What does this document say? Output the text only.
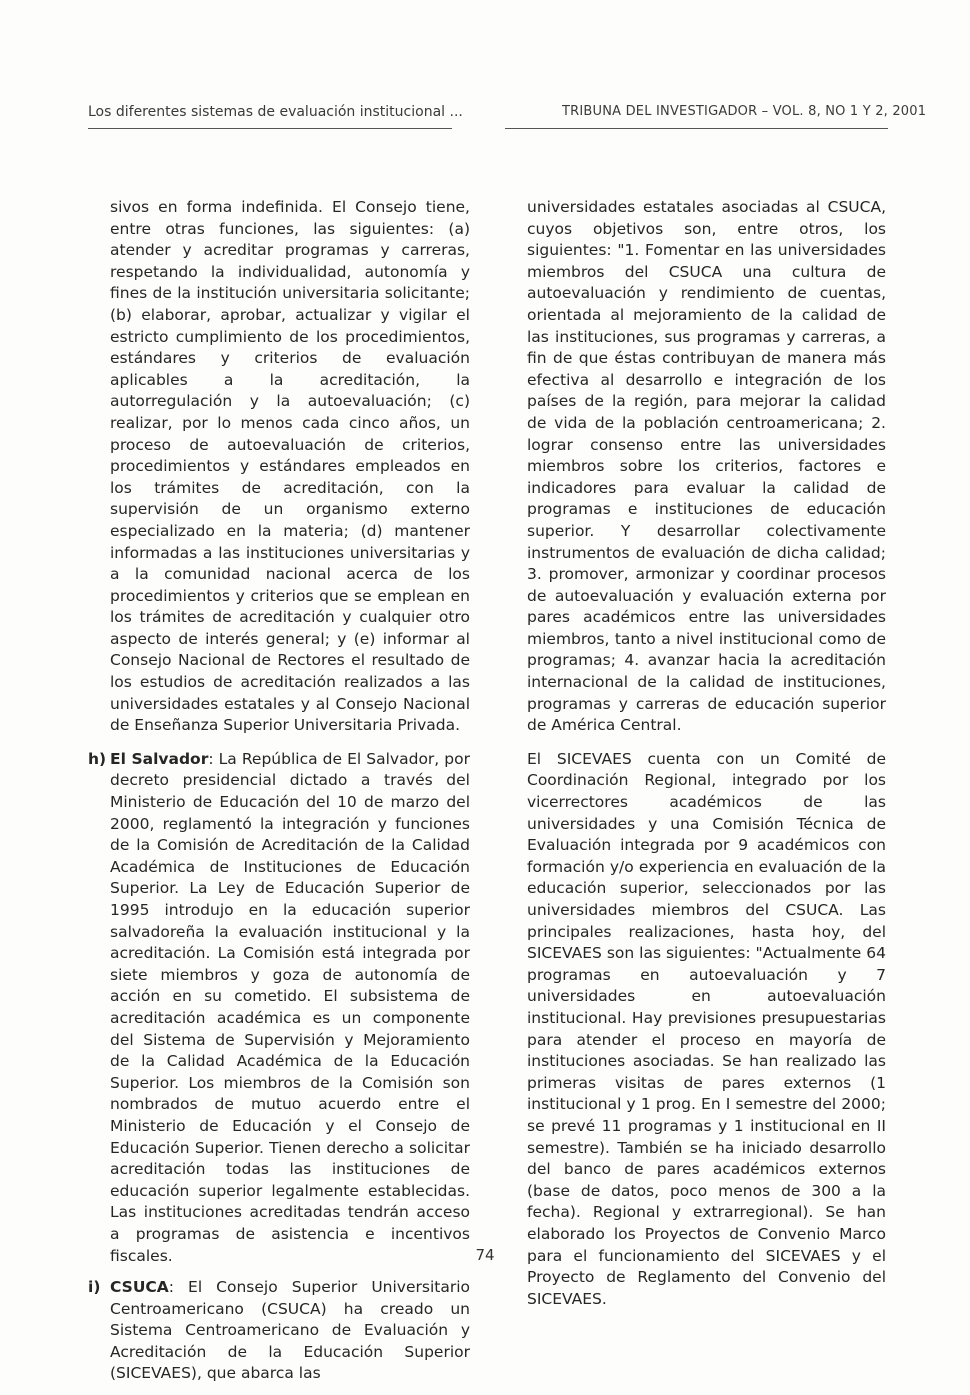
Los diferentes sistemas de evaluación institucional ...	TRIBUNA DEL INVESTIGADOR – VOL. 8, NO 1 Y 2, 2001

sivos en forma indefinida. El Consejo tiene, entre otras funciones, las siguientes: (a) atender y acreditar programas y carreras, respetando la individualidad, autonomía y fines de la institución universitaria solicitante; (b) elaborar, aprobar, actualizar y vigilar el estricto cumplimiento de los procedimientos, estándares y criterios de evaluación aplicables a la acreditación, la autorregulación y la autoevaluación; (c) realizar, por lo menos cada cinco años, un proceso de autoevaluación de criterios, procedimientos y estándares empleados en los trámites de acreditación, con la supervisión de un organismo externo especializado en la materia; (d) mantener informadas a las instituciones universitarias y a la comunidad nacional acerca de los procedimientos y criterios que se emplean en los trámites de acreditación y cualquier otro aspecto de interés general; y (e) informar al Consejo Nacional de Rectores el resultado de los estudios de acreditación realizados a las universidades estatales y al Consejo Nacional de Enseñanza Superior Universitaria Privada.

h) El Salvador: La República de El Salvador, por decreto presidencial dictado a través del Ministerio de Educación del 10 de marzo del 2000, reglamentó la integración y funciones de la Comisión de Acreditación de la Calidad Académica de Instituciones de Educación Superior. La Ley de Educación Superior de 1995 introdujo en la educación superior salvadoreña la evaluación institucional y la acreditación. La Comisión está integrada por siete miembros y goza de autonomía de acción en su cometido. El subsistema de acreditación académica es un componente del Sistema de Supervisión y Mejoramiento de la Calidad Académica de la Educación Superior. Los miembros de la Comisión son nombrados de mutuo acuerdo entre el Ministerio de Educación y el Consejo de Educación Superior. Tienen derecho a solicitar acreditación todas las instituciones de educación superior legalmente establecidas. Las instituciones acreditadas tendrán acceso a programas de asistencia e incentivos fiscales.
i) CSUCA: El Consejo Superior Universitario Centroamericano (CSUCA) ha creado un Sistema Centroamericano de Evaluación y Acreditación de la Educación Superior (SICEVAES), que abarca las

universidades estatales asociadas al CSUCA, cuyos objetivos son, entre otros, los siguientes: "1. Fomentar en las universidades miembros del CSUCA una cultura de autoevaluación y rendimiento de cuentas, orientada al mejoramiento de la calidad de las instituciones, sus programas y carreras, a fin de que éstas contribuyan de manera más efectiva al desarrollo e integración de los países de la región, para mejorar la calidad de vida de la población centroamericana; 2. lograr consenso entre las universidades miembros sobre los criterios, factores e indicadores para evaluar la calidad de programas e instituciones de educación superior. Y desarrollar colectivamente instrumentos de evaluación de dicha calidad; 3. promover, armonizar y coordinar procesos de autoevaluación y evaluación externa por pares académicos entre las universidades miembros, tanto a nivel institucional como de programas; 4. avanzar hacia la acreditación internacional de la calidad de instituciones, programas y carreras de educación superior de América Central.

El SICEVAES cuenta con un Comité de Coordinación Regional, integrado por los vicerrectores académicos de las universidades y una Comisión Técnica de Evaluación integrada por 9 académicos con formación y/o experiencia en evaluación de la educación superior, seleccionados por las universidades miembros del CSUCA. Las principales realizaciones, hasta hoy, del SICEVAES son las siguientes: "Actualmente 64 programas en autoevaluación y 7 universidades en autoevaluación institucional. Hay previsiones presupuestarias para atender el proceso en mayoría de instituciones asociadas. Se han realizado las primeras visitas de pares externos (1 institucional y 1 prog. En I semestre del 2000; se prevé 11 programas y 1 institucional en II semestre). También se ha iniciado desarrollo del banco de pares académicos externos (base de datos, poco menos de 300 a la fecha). Regional y extrarregional). Se han elaborado los Proyectos de Convenio Marco para el funcionamiento del SICEVAES y el Proyecto de Reglamento del Convenio del SICEVAES.

74
